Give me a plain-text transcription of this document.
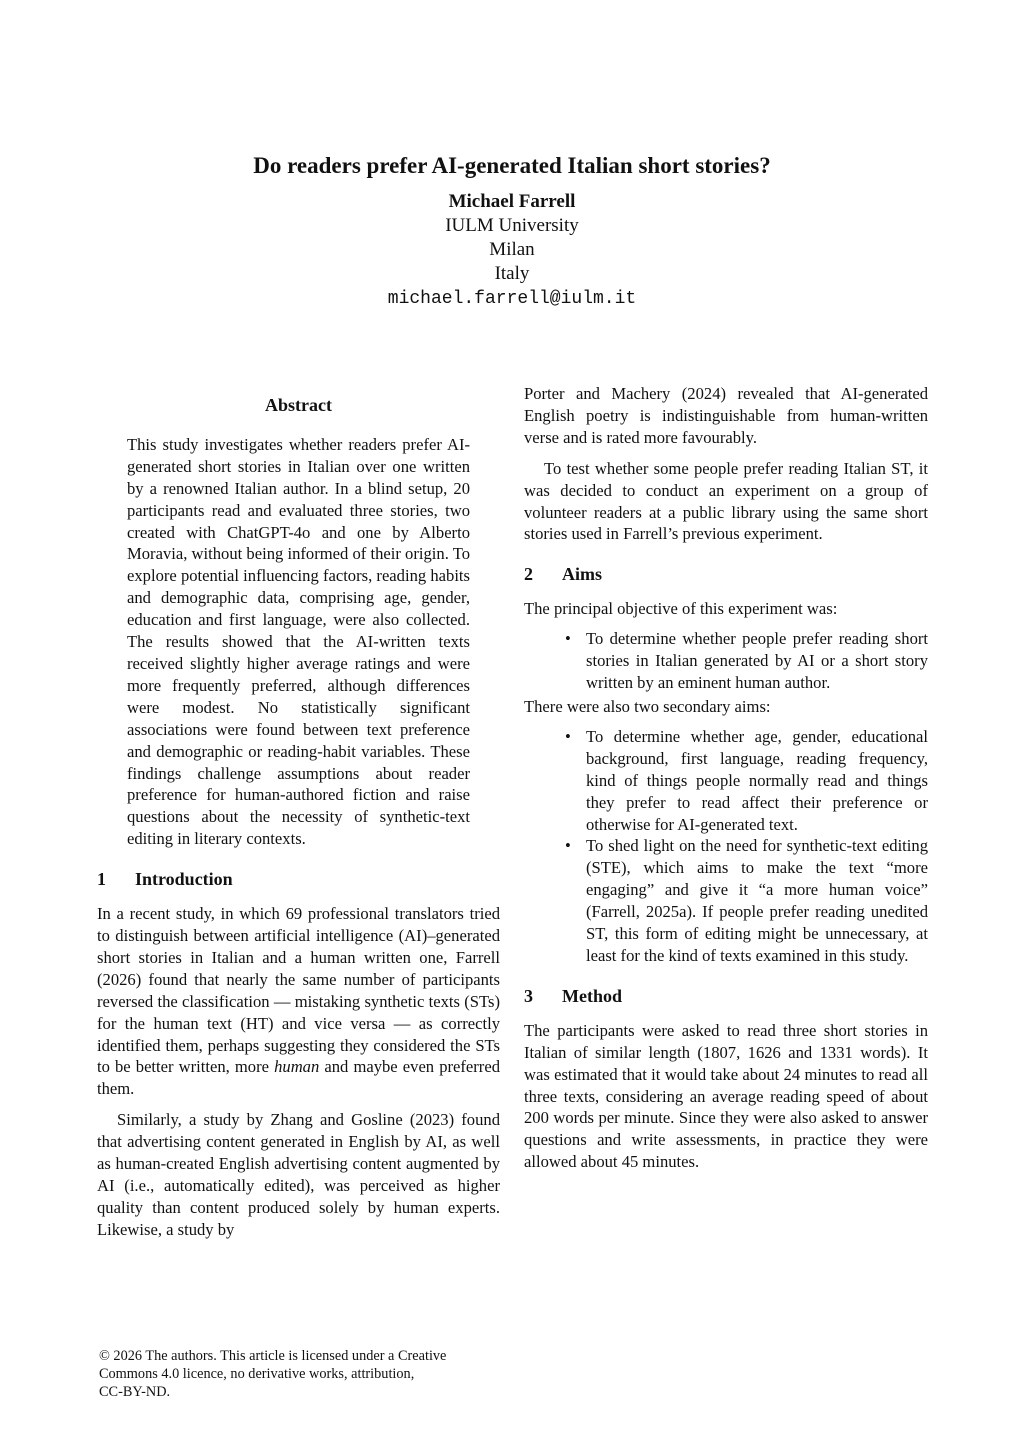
Do readers prefer AI-generated Italian short stories?
Michael Farrell
IULM University
Milan
Italy
michael.farrell@iulm.it
Abstract

This study investigates whether readers prefer AI-generated short stories in Italian over one written by a renowned Italian author. In a blind setup, 20 participants read and evaluated three stories, two created with ChatGPT-4o and one by Alberto Moravia, without being informed of their origin. To explore potential influencing factors, reading habits and demographic data, comprising age, gender, education and first language, were also collected. The results showed that the AI-written texts received slightly higher average ratings and were more frequently preferred, although differences were modest. No statistically significant associations were found between text preference and demographic or reading-habit variables. These findings challenge assumptions about reader preference for human-authored fiction and raise questions about the necessity of synthetic-text editing in literary contexts.

1 Introduction

In a recent study, in which 69 professional translators tried to distinguish between artificial intelligence (AI)–generated short stories in Italian and a human written one, Farrell (2026) found that nearly the same number of participants reversed the classification — mistaking synthetic texts (STs) for the human text (HT) and vice versa — as correctly identified them, perhaps suggesting they considered the STs to be better written, more human and maybe even preferred them.

Similarly, a study by Zhang and Gosline (2023) found that advertising content generated in English by AI, as well as human-created English advertising content augmented by AI (i.e., automatically edited), was perceived as higher quality than content produced solely by human experts. Likewise, a study by

Porter and Machery (2024) revealed that AI-generated English poetry is indistinguishable from human-written verse and is rated more favourably.

To test whether some people prefer reading Italian ST, it was decided to conduct an experiment on a group of volunteer readers at a public library using the same short stories used in Farrell’s previous experiment.

2 Aims

The principal objective of this experiment was:

• To determine whether people prefer reading short stories in Italian generated by AI or a short story written by an eminent human author.

There were also two secondary aims:

• To determine whether age, gender, educational background, first language, reading frequency, kind of things people normally read and things they prefer to read affect their preference or otherwise for AI-generated text.
• To shed light on the need for synthetic-text editing (STE), which aims to make the text “more engaging” and give it “a more human voice” (Farrell, 2025a). If people prefer reading unedited ST, this form of editing might be unnecessary, at least for the kind of texts examined in this study.
3 Method

The participants were asked to read three short stories in Italian of similar length (1807, 1626 and 1331 words). It was estimated that it would take about 24 minutes to read all three texts, considering an average reading speed of about 200 words per minute. Since they were also asked to answer questions and write assessments, in practice they were allowed about 45 minutes.

© 2026 The authors. This article is licensed under a Creative
Commons 4.0 licence, no derivative works, attribution,
CC-BY-ND.
